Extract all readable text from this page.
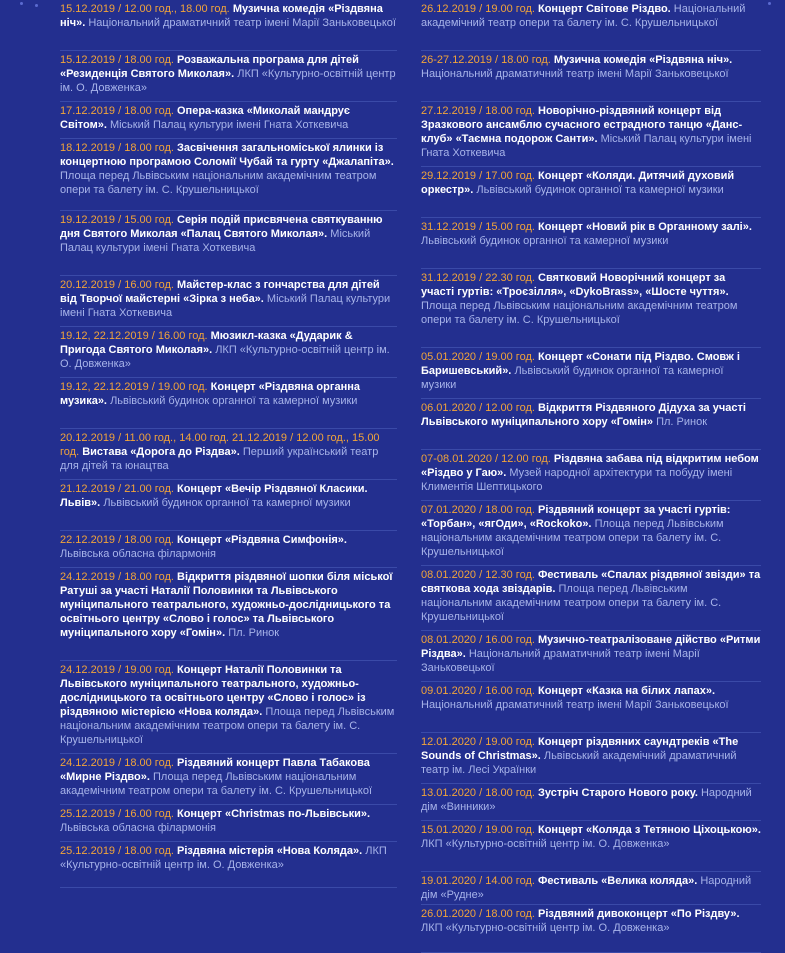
15.12.2019 / 12.00 год., 18.00 год. Музична комедія «Різдвяна ніч». Національний драматичний театр імені Марії Заньковецької
15.12.2019 / 18.00 год. Розважальна програма для дітей «Резиденція Святого Миколая». ЛКП «Культурно-освітній центр ім. О. Довженка»
17.12.2019 / 18.00 год. Опера-казка «Миколай мандрує Світом». Міський Палац культури імені Гната Хоткевича
18.12.2019 / 18.00 год. Засвічення загальноміської ялинки із концертною програмою Соломії Чубай та гурту «Джалапіта». Площа перед Львівським національним академічним театром опери та балету ім. С. Крушельницької
19.12.2019 / 15.00 год. Серія подій присвячена святкуванню дня Святого Миколая «Палац Святого Миколая». Міський Палац культури імені Гната Хоткевича
20.12.2019 / 16.00 год. Майстер-клас з гончарства для дітей від Творчої майстерні «Зірка з неба». Міський Палац культури імені Гната Хоткевича
19.12, 22.12.2019 / 16.00 год. Мюзикл-казка «Дударик & Пригода Святого Миколая». ЛКП «Культурно-освітній центр ім. О. Довженка»
19.12, 22.12.2019 / 19.00 год. Концерт «Різдвяна органна музика». Львівський будинок органної та камерної музики
20.12.2019 / 11.00 год., 14.00 год. 21.12.2019 / 12.00 год., 15.00 год. Вистава «Дорога до Різдва». Перший український театр для дітей та юнацтва
21.12.2019 / 21.00 год. Концерт «Вечір Різдвяної Класики. Львів». Львівський будинок органної та камерної музики
22.12.2019 / 18.00 год. Концерт «Різдвяна Симфонія». Львівська обласна філармонія
24.12.2019 / 18.00 год. Відкриття різдвяної шопки біля міської Ратуші за участі Наталії Половинки та Львівського муніципального театрального, художньо-дослідницького та освітнього центру «Слово і голос» та Львівського муніципального хору «Гомін». Пл. Ринок
24.12.2019 / 19.00 год. Концерт Наталії Половинки та Львівського муніципального театрального, художньо-дослідницького та освітнього центру «Слово і голос» із різдвяною містерією «Нова коляда». Площа перед Львівським національним академічним театром опери та балету ім. С. Крушельницької
24.12.2019 / 18.00 год. Різдвяний концерт Павла Табакова «Мирне Різдво». Площа перед Львівським національним академічним театром опери та балету ім. С. Крушельницької
25.12.2019 / 16.00 год. Концерт «Christmas по-Львівськи». Львівська обласна філармонія
25.12.2019 / 18.00 год. Різдвяна містерія «Нова Коляда». ЛКП «Культурно-освітній центр ім. О. Довженка»
26.12.2019 / 19.00 год. Концерт Світове Різдво. Національний академічний театр опери та балету ім. С. Крушельницької
26-27.12.2019 / 18.00 год. Музична комедія «Різдвяна ніч». Національний драматичний театр імені Марії Заньковецької
27.12.2019 / 18.00 год. Новорічно-різдвяний концерт від Зразкового ансамблю сучасного естрадного танцю «Данс-клуб» «Таємна подорож Санти». Міський Палац культури імені Гната Хоткевича
29.12.2019 / 17.00 год. Концерт «Коляди. Дитячий духовий оркестр». Львівський будинок органної та камерної музики
31.12.2019 / 15.00 год. Концерт «Новий рік в Органному залі». Львівський будинок органної та камерної музики
31.12.2019 / 22.30 год. Святковий Новорічний концерт за участі гуртів: «Троєзілля», «DykoBrass», «Шосте чуття». Площа перед Львівським національним академічним театром опери та балету ім. С. Крушельницької
05.01.2020 / 19.00 год. Концерт «Сонати під Різдво. Смовж і Баришевський». Львівський будинок органної та камерної музики
06.01.2020 / 12.00 год. Відкриття Різдвяного Дідуха за участі Львівського муніципального хору «Гомін» Пл. Ринок
07-08.01.2020 / 12.00 год. Різдвяна забава під відкритим небом «Різдво у Гаю». Музей народної архітектури та побуду імені Климентія Шептицького
07.01.2020 / 18.00 год. Різдвяний концерт за участі гуртів: «Торбан», «ягОди», «Rockoko». Площа перед Львівським національним академічним театром опери та балету ім. С. Крушельницької
08.01.2020 / 12.30 год. Фестиваль «Спалах різдвяної звізди» та святкова хода звіздарів. Площа перед Львівським національним академічним театром опери та балету ім. С. Крушельницької
08.01.2020 / 16.00 год. Музично-театралізоване дійство «Ритми Різдва». Національний драматичний театр імені Марії Заньковецької
09.01.2020 / 16.00 год. Концерт «Казка на білих лапах». Національний драматичний театр імені Марії Заньковецької
12.01.2020 / 19.00 год. Концерт різдвяних саундтреків «The Sounds of Christmas». Львівський академічний драматичний театр ім. Лесі Українки
13.01.2020 / 18.00 год. Зустріч Старого Нового року. Народний дім «Винники»
15.01.2020 / 19.00 год. Концерт «Коляда з Тетяною Ціхоцькою». ЛКП «Культурно-освітній центр ім. О. Довженка»
19.01.2020 / 14.00 год. Фестиваль «Велика коляда». Народний дім «Рудне»
26.01.2020 / 18.00 год. Різдвяний дивоконцерт «По Різдву». ЛКП «Культурно-освітній центр ім. О. Довженка»
